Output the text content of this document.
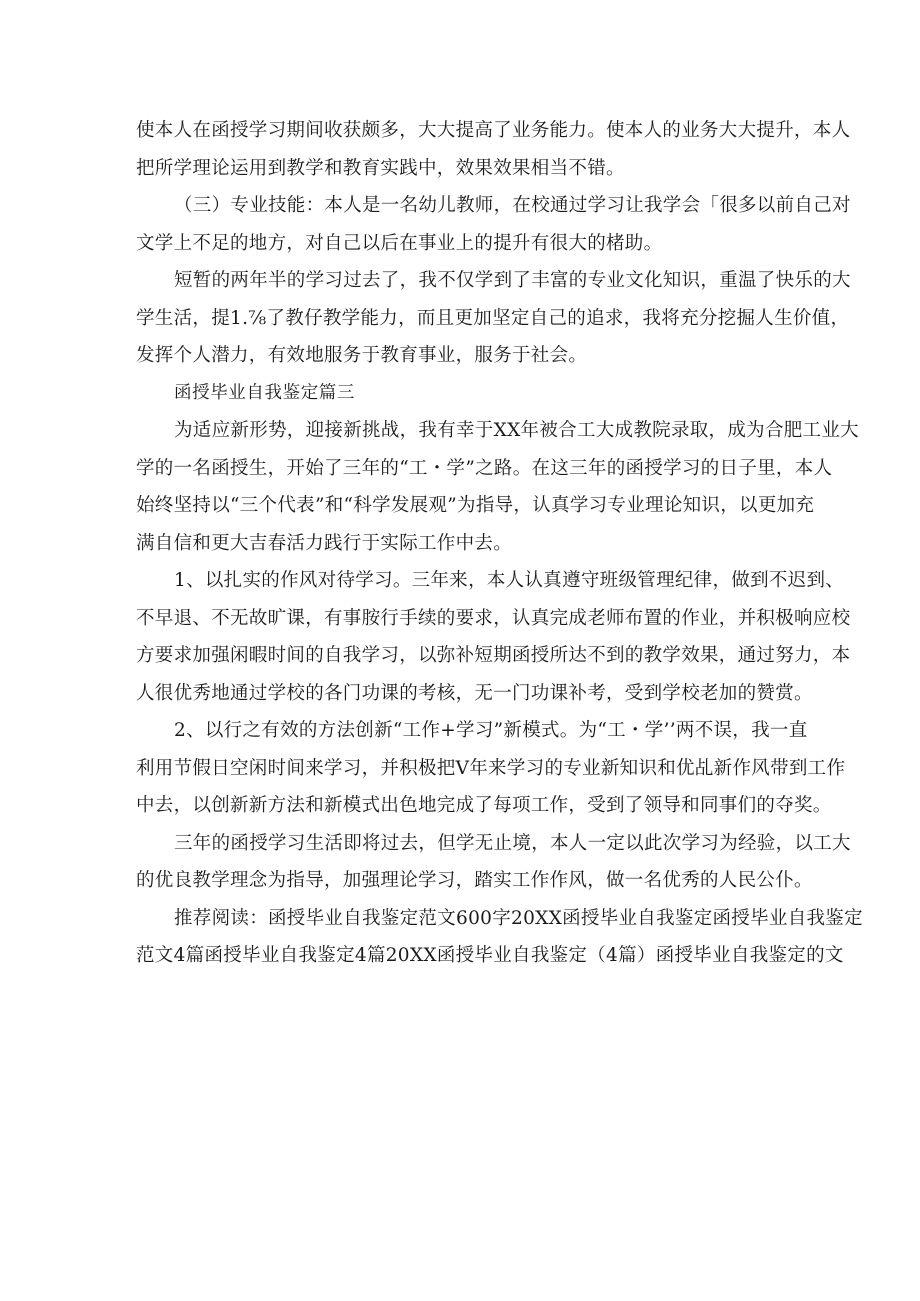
使本人在函授学习期间收获颇多，大大提高了业务能力。使本人的业务大大提升，本人
把所学理论运用到教学和教育实践中，效果效果相当不错。
（三）专业技能：本人是一名幼儿教师，在校通过学习让我学会「很多以前自己对
文学上不足的地方，对自己以后在事业上的提升有很大的楮助。
短暂的两年半的学习过去了，我不仅学到了丰富的专业文化知识，重温了快乐的大
学生活，提1.⅞了教仔教学能力，而且更加坚定自己的追求，我将充分挖掘人生价值，
发挥个人潜力，有效地服务于教育事业，服务于社会。
函授毕业自我鉴定篇三
为适应新形势，迎接新挑战，我有幸于XX年被合工大成教院录取，成为合肥工业大
学的一名函授生，开始了三年的“工・学”之路。在这三年的函授学习的日子里，本人
始终坚持以“三个代表”和“科学发展观”为指导，认真学习专业理论知识，以更加充
满自信和更大吉春活力践行于实际工作中去。
1、以扎实的作风对待学习。三年来，本人认真遵守班级管理纪律，做到不迟到、
不早退、不无故旷课，有事胺行手续的要求，认真完成老师布置的作业，并积极响应校
方要求加强闲暇时间的自我学习，以弥补短期函授所达不到的教学效果，通过努力，本
人很优秀地通过学校的各门功课的考核，无一门功课补考，受到学校老加的赞赏。
2、以行之有效的方法创新“工作+学习”新模式。为“工・学’’两不误，我一直
利用节假日空闲时间来学习，并积极把V年来学习的专业新知识和优乩新作风带到工作
中去，以创新新方法和新模式出色地完成了每项工作，受到了领导和同事们的夺奖。
三年的函授学习生活即将过去，但学无止境，本人一定以此次学习为经验，以工大
的优良教学理念为指导，加强理论学习，踏实工作作风，做一名优秀的人民公仆。
推荐阅读：函授毕业自我鉴定范文600字20XX函授毕业自我鉴定函授毕业自我鉴定
范文4篇函授毕业自我鉴定4篇20XX函授毕业自我鉴定（4篇）函授毕业自我鉴定的文
